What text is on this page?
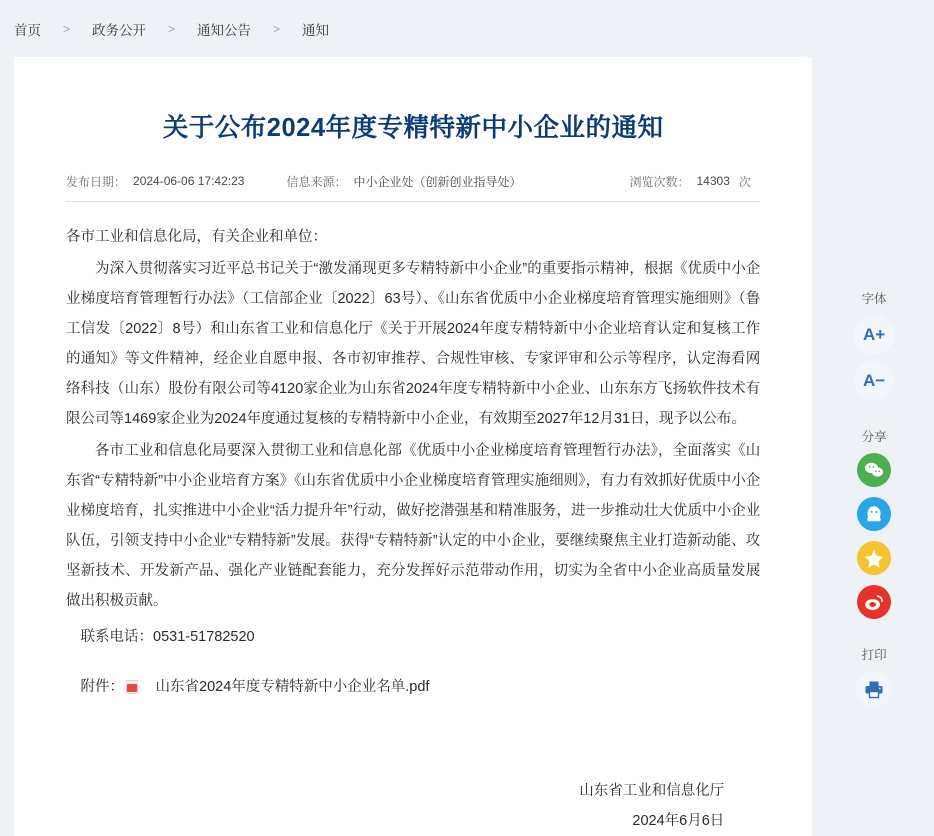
首页 > 政务公开 > 通知公告 > 通知
关于公布2024年度专精特新中小企业的通知
发布日期： 2024-06-06 17:42:23	信息来源： 中小企业处（创新创业指导处）	浏览次数： 14303 次

各市工业和信息化局，有关企业和单位：

为深入贯彻落实习近平总书记关于“激发涌现更多专精特新中小企业”的重要指示精神，根据《优质中小企业梯度培育管理暂行办法》（工信部企业〔2022〕63号）、《山东省优质中小企业梯度培育管理实施细则》（鲁工信发〔2022〕8号）和山东省工业和信息化厅《关于开展2024年度专精特新中小企业培育认定和复核工作的通知》等文件精神，经企业自愿申报、各市初审推荐、合规性审核、专家评审和公示等程序，认定海看网络科技（山东）股份有限公司等4120家企业为山东省2024年度专精特新中小企业、山东东方飞扬软件技术有限公司等1469家企业为2024年度通过复核的专精特新中小企业，有效期至2027年12月31日，现予以公布。

各市工业和信息化局要深入贯彻工业和信息化部《优质中小企业梯度培育管理暂行办法》，全面落实《山东省“专精特新”中小企业培育方案》《山东省优质中小企业梯度培育管理实施细则》，有力有效抓好优质中小企业梯度培育，扎实推进中小企业“活力提升年”行动，做好挖潜强基和精准服务，进一步推动壮大优质中小企业队伍，引领支持中小企业“专精特新”发展。获得“专精特新”认定的中小企业，要继续聚焦主业打造新动能、攻坚新技术、开发新产品、强化产业链配套能力，充分发挥好示范带动作用，切实为全省中小企业高质量发展做出积极贡献。

联系电话：0531-51782520
附件：	山东省2024年度专精特新中小企业名单.pdf
山东省工业和信息化厅
2024年6月6日
字体
A+
A−
分享
打印
